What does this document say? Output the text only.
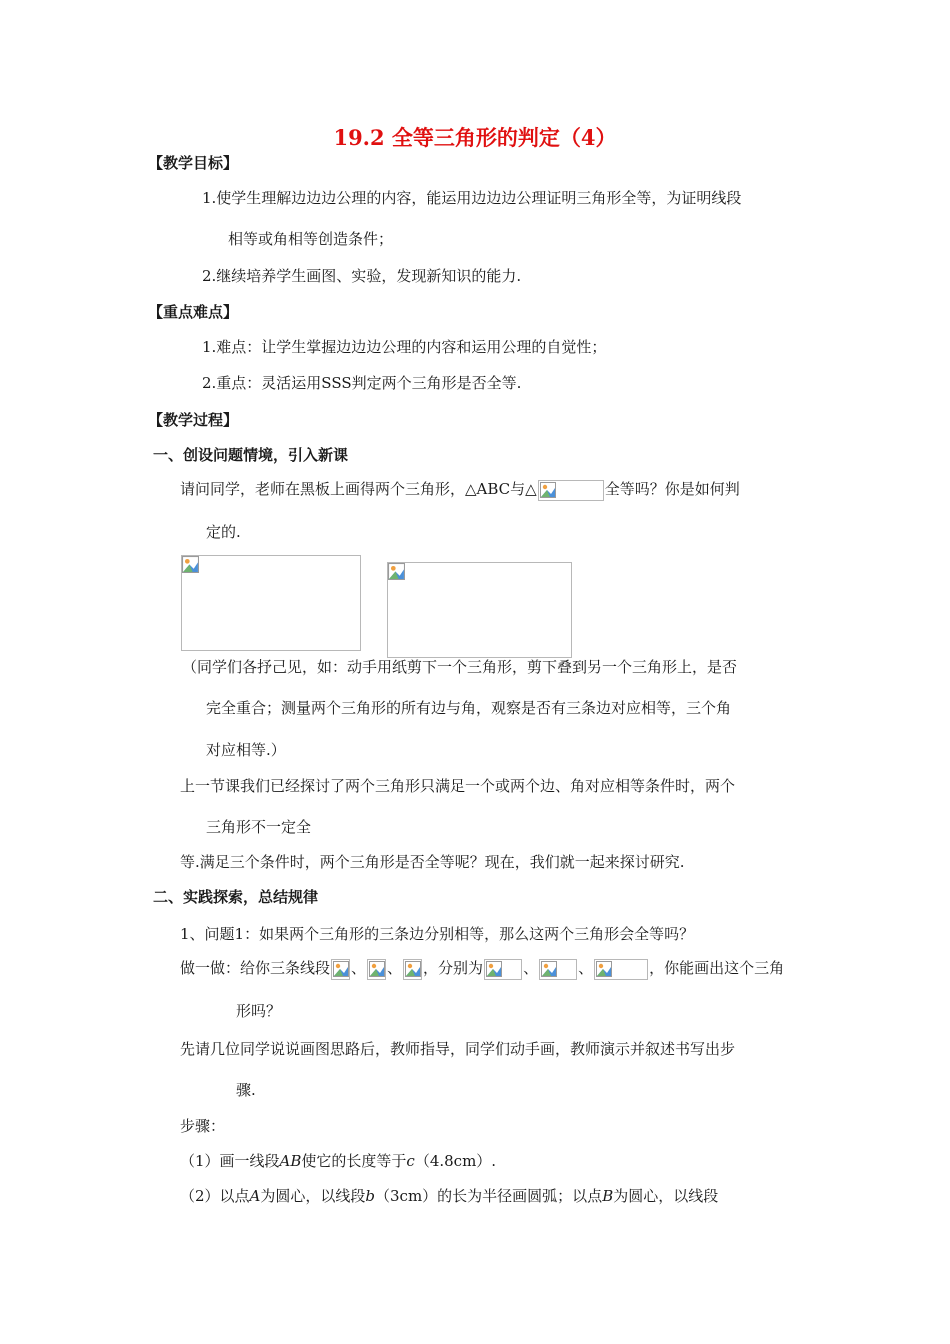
19.2 全等三角形的判定（4）
【教学目标】
1.使学生理解边边边公理的内容，能运用边边边公理证明三角形全等，为证明线段
相等或角相等创造条件；
2.继续培养学生画图、实验，发现新知识的能力.
【重点难点】
1.难点：让学生掌握边边边公理的内容和运用公理的自觉性；
2.重点：灵活运用SSS判定两个三角形是否全等.
【教学过程】
一、创设问题情境，引入新课
请问同学，老师在黑板上画得两个三角形，△ABC与△	全等吗？你是如何判
定的.
（同学们各抒己见，如：动手用纸剪下一个三角形，剪下叠到另一个三角形上，是否
完全重合；测量两个三角形的所有边与角，观察是否有三条边对应相等，三个角
对应相等.）
上一节课我们已经探讨了两个三角形只满足一个或两个边、角对应相等条件时，两个
三角形不一定全
等.满足三个条件时，两个三角形是否全等呢？现在，我们就一起来探讨研究.
二、实践探索，总结规律
1、问题1：如果两个三角形的三条边分别相等，那么这两个三角形会全等吗？
做一做：给你三条线段 、 、 ，分别为	、	、	，你能画出这个三角
形吗？
先请几位同学说说画图思路后，教师指导，同学们动手画，教师演示并叙述书写出步
骤.
步骤：
（1）画一线段AB使它的长度等于c（4.8cm）.
（2）以点A为圆心，以线段b（3cm）的长为半径画圆弧；以点B为圆心，以线段
